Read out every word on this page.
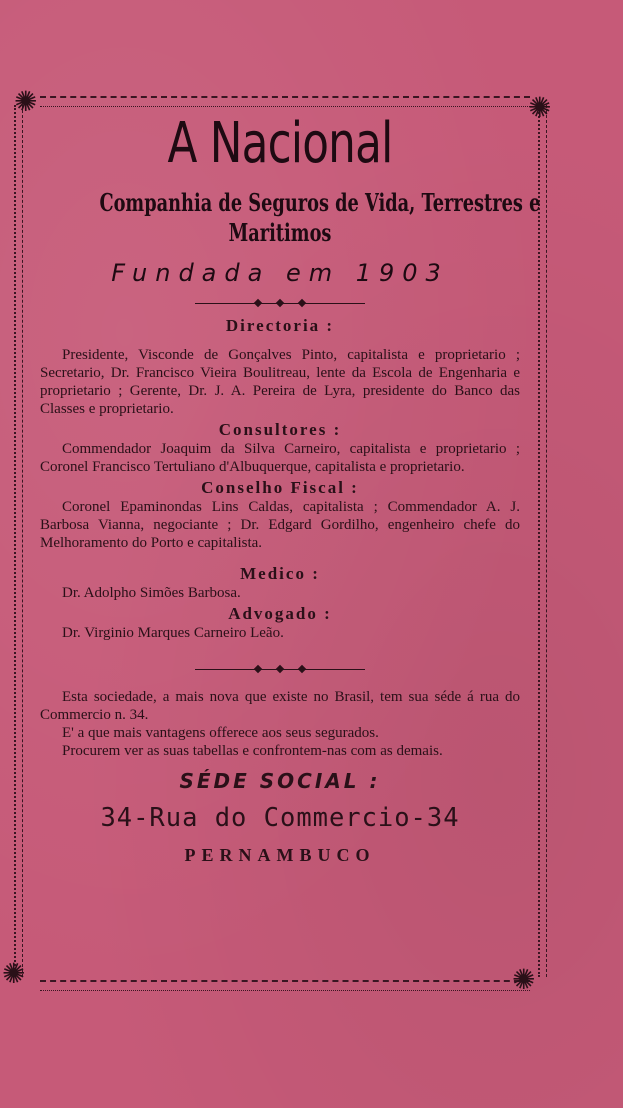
✺	✺
✺	✺
A Nacional

Companhia de Seguros de Vida, Terrestres e

Maritimos

Fundada em 1903

Directoria :

Presidente, Visconde de Gonçalves Pinto, capitalista e proprietario ; Secretario, Dr. Francisco Vieira Boulitreau, lente da Escola de Engenharia e proprietario ; Gerente, Dr. J. A. Pereira de Lyra, presidente do Banco das Classes e proprietario.

Consultores :

Commendador Joaquim da Silva Carneiro, capitalista e proprietario ; Coronel Francisco Tertuliano d'Albuquerque, capitalista e proprietario.

Conselho Fiscal :

Coronel Epaminondas Lins Caldas, capitalista ; Commendador A. J. Barbosa Vianna, negociante ; Dr. Edgard Gordilho, engenheiro chefe do Melhoramento do Porto e capitalista.

Medico :

Dr. Adolpho Simões Barbosa.

Advogado :

Dr. Virginio Marques Carneiro Leão.

Esta sociedade, a mais nova que existe no Brasil, tem sua séde á rua do Commercio n. 34.

E' a que mais vantagens offerece aos seus segurados.

Procurem ver as suas tabellas e confrontem-nas com as demais.

SÉDE SOCIAL :

34-Rua do Commercio-34

PERNAMBUCO
